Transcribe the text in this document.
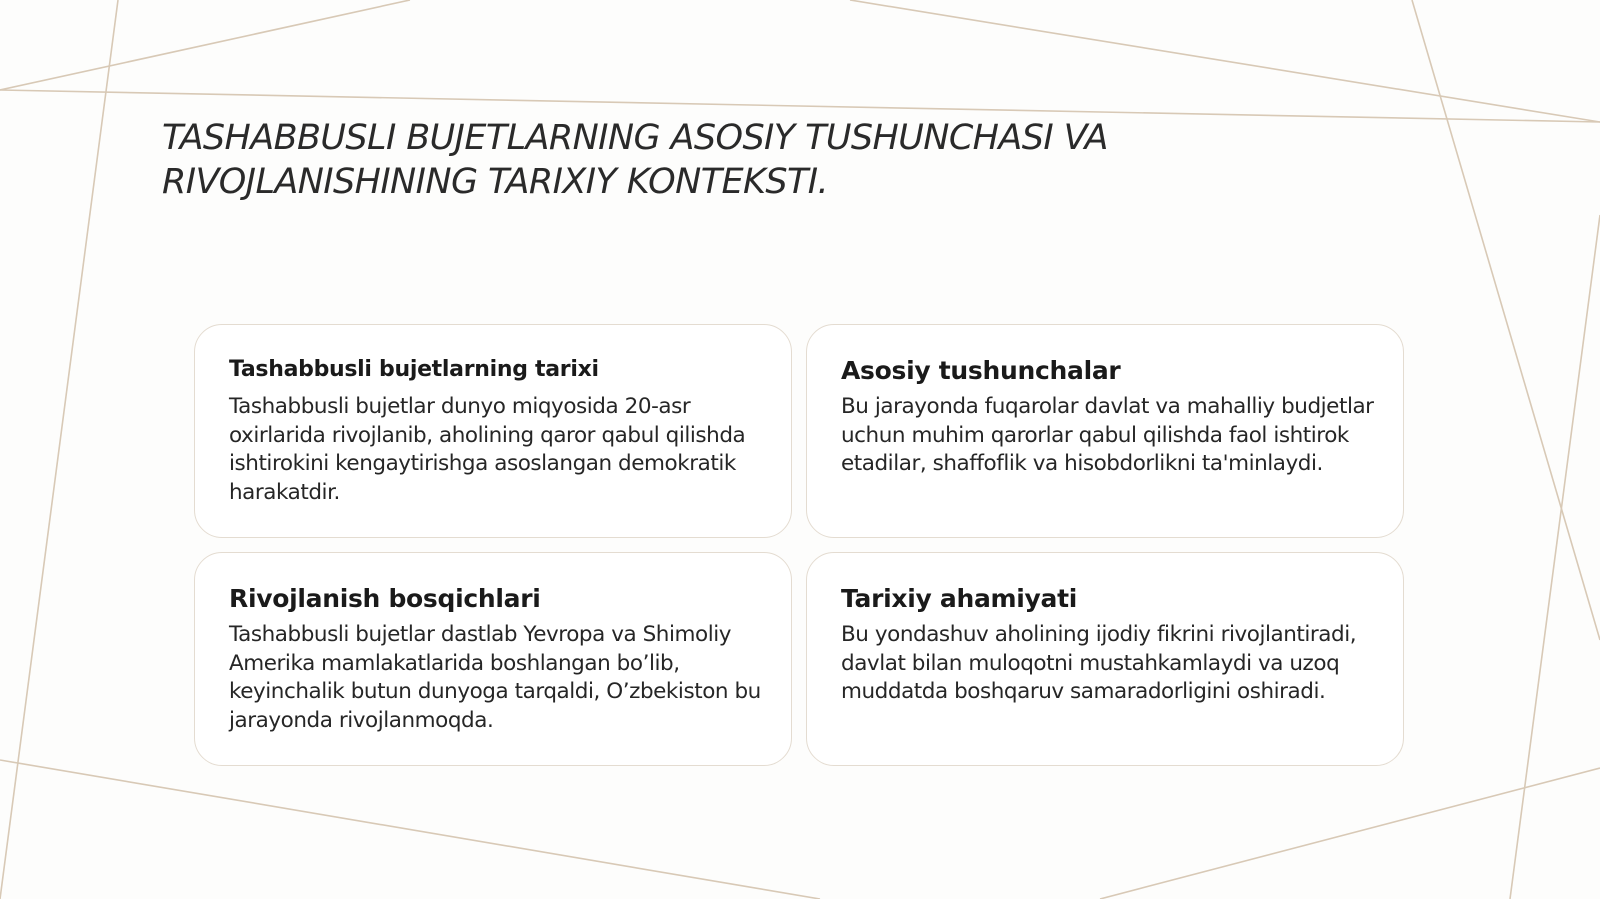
TASHABBUSLI BUJETLARNING ASOSIY TUSHUNCHASI VA
RIVOJLANISHINING TARIXIY KONTEKSTI.
Tashabbusli bujetlarning tarixi

Tashabbusli bujetlar dunyo miqyosida 20-asr oxirlarida rivojlanib, aholining qaror qabul qilishda ishtirokini kengaytirishga asoslangan demokratik harakatdir.

Asosiy tushunchalar

Bu jarayonda fuqarolar davlat va mahalliy budjetlar uchun muhim qarorlar qabul qilishda faol ishtirok etadilar, shaffoflik va hisobdorlikni ta'minlaydi.

Rivojlanish bosqichlari

Tashabbusli bujetlar dastlab Yevropa va Shimoliy Amerika mamlakatlarida boshlangan bo’lib, keyinchalik butun dunyoga tarqaldi, O’zbekiston bu jarayonda rivojlanmoqda.

Tarixiy ahamiyati

Bu yondashuv aholining ijodiy fikrini rivojlantiradi, davlat bilan muloqotni mustahkamlaydi va uzoq muddatda boshqaruv samaradorligini oshiradi.
